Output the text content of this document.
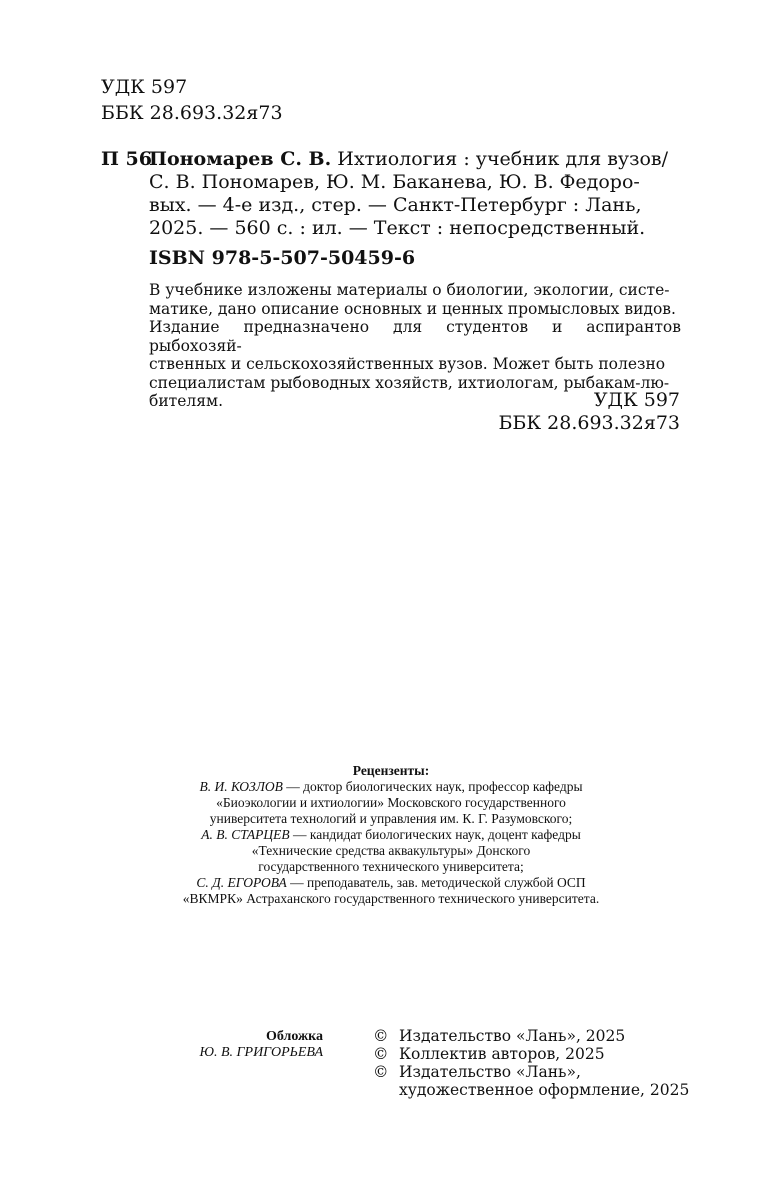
УДК 597
ББК 28.693.32я73
П 56
Пономарев С. В. Ихтиология : учебник для вузов/
С. В. Пономарев, Ю. М. Баканева, Ю. В. Федоро-
вых. — 4-е изд., стер. — Санкт-Петербург : Лань,
2025. — 560 с. : ил. — Текст : непосредственный.
ISBN 978-5-507-50459-6
В учебнике изложены материалы о биологии, экологии, систе-
матике, дано описание основных и ценных промысловых видов.
Издание предназначено для студентов и аспирантов рыбохозяй-
ственных и сельскохозяйственных вузов. Может быть полезно
специалистам рыбоводных хозяйств, ихтиологам, рыбакам-лю-
бителям.	УДК 597
ББК 28.693.32я73
Рецензенты:
В. И. КОЗЛОВ — доктор биологических наук, профессор кафедры
«Биоэкологии и ихтиологии» Московского государственного
университета технологий и управления им. К. Г. Разумовского;
А. В. СТАРЦЕВ — кандидат биологических наук, доцент кафедры
«Технические средства аквакультуры» Донского
государственного технического университета;
С. Д. ЕГОРОВА — преподаватель, зав. методической службой ОСП
«ВКМРК» Астраханского государственного технического университета.
Обложка
Ю. В. ГРИГОРЬЕВА
© Издательство «Лань», 2025
© Коллектив авторов, 2025
© Издательство «Лань»,
художественное оформление, 2025
